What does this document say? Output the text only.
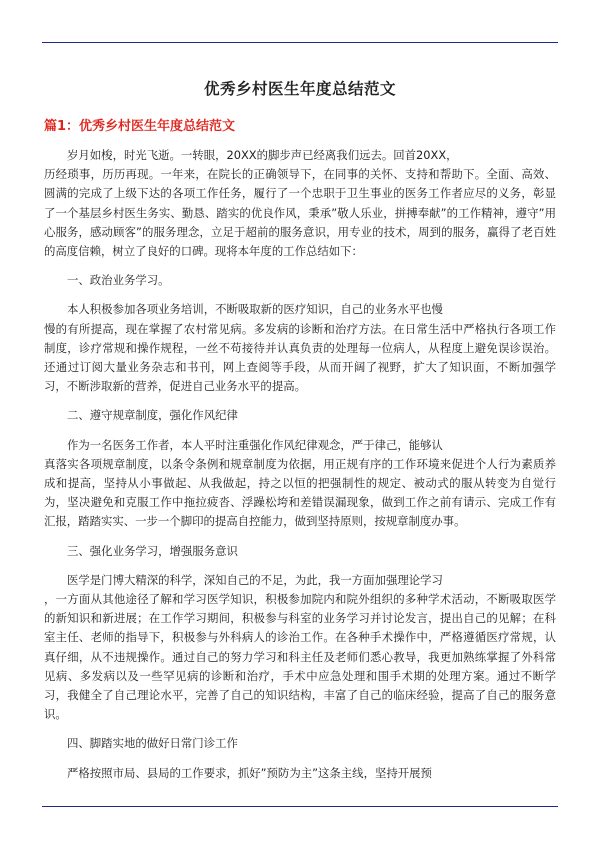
优秀乡村医生年度总结范文
篇1：优秀乡村医生年度总结范文

岁月如梭，时光飞逝。一转眼，20XX的脚步声已经离我们远去。回首20XX，

历经琐事，历历再现。一年来，在院长的正确领导下，在同事的关怀、支持和帮助下。全面、高效、圆满的完成了上级下达的各项工作任务，履行了一个忠职于卫生事业的医务工作者应尽的义务，彰显了一个基层乡村医生务实、勤恳、踏实的优良作风，秉承”敬人乐业，拼搏奉献”的工作精神，遵守”用心服务，感动顾客”的服务理念，立足于超前的服务意识，用专业的技术，周到的服务，赢得了老百姓的高度信赖，树立了良好的口碑。现将本年度的工作总结如下：

一、政治业务学习。

本人积极参加各项业务培训，不断吸取新的医疗知识，自己的业务水平也慢

慢的有所提高，现在掌握了农村常见病。多发病的诊断和治疗方法。在日常生活中严格执行各项工作制度，诊疗常规和操作规程，一丝不苟接待并认真负责的处理每一位病人，从程度上避免误诊误治。还通过订阅大量业务杂志和书刊，网上查阅等手段，从而开阔了视野，扩大了知识面，不断加强学习，不断涉取新的营养，促进自己业务水平的提高。

二、遵守规章制度，强化作风纪律

作为一名医务工作者，本人平时注重强化作风纪律观念，严于律己，能够认

真落实各项规章制度，以条令条例和规章制度为依据，用正规有序的工作环境来促进个人行为素质养成和提高，坚持从小事做起、从我做起，持之以恒的把强制性的规定、被动式的服从转变为自觉行为，坚决避免和克服工作中拖拉疲沓、浮躁松垮和差错误漏现象，做到工作之前有请示、完成工作有汇报，踏踏实实、一步一个脚印的提高自控能力，做到坚持原则，按规章制度办事。

三、强化业务学习，增强服务意识

医学是门博大精深的科学，深知自己的不足，为此，我一方面加强理论学习

，一方面从其他途径了解和学习医学知识，积极参加院内和院外组织的多种学术活动，不断吸取医学的新知识和新进展；在工作学习期间，积极参与科室的业务学习并讨论发言，提出自己的见解；在科室主任、老师的指导下，积极参与外科病人的诊治工作。在各种手术操作中，严格遵循医疗常规，认真仔细，从不违规操作。通过自己的努力学习和科主任及老师们悉心教导，我更加熟练掌握了外科常见病、多发病以及一些罕见病的诊断和治疗，手术中应急处理和围手术期的处理方案。通过不断学习，我健全了自己理论水平，完善了自己的知识结构，丰富了自己的临床经验，提高了自己的服务意识。

四、脚踏实地的做好日常门诊工作

严格按照市局、县局的工作要求，抓好”预防为主”这条主线，坚持开展预
